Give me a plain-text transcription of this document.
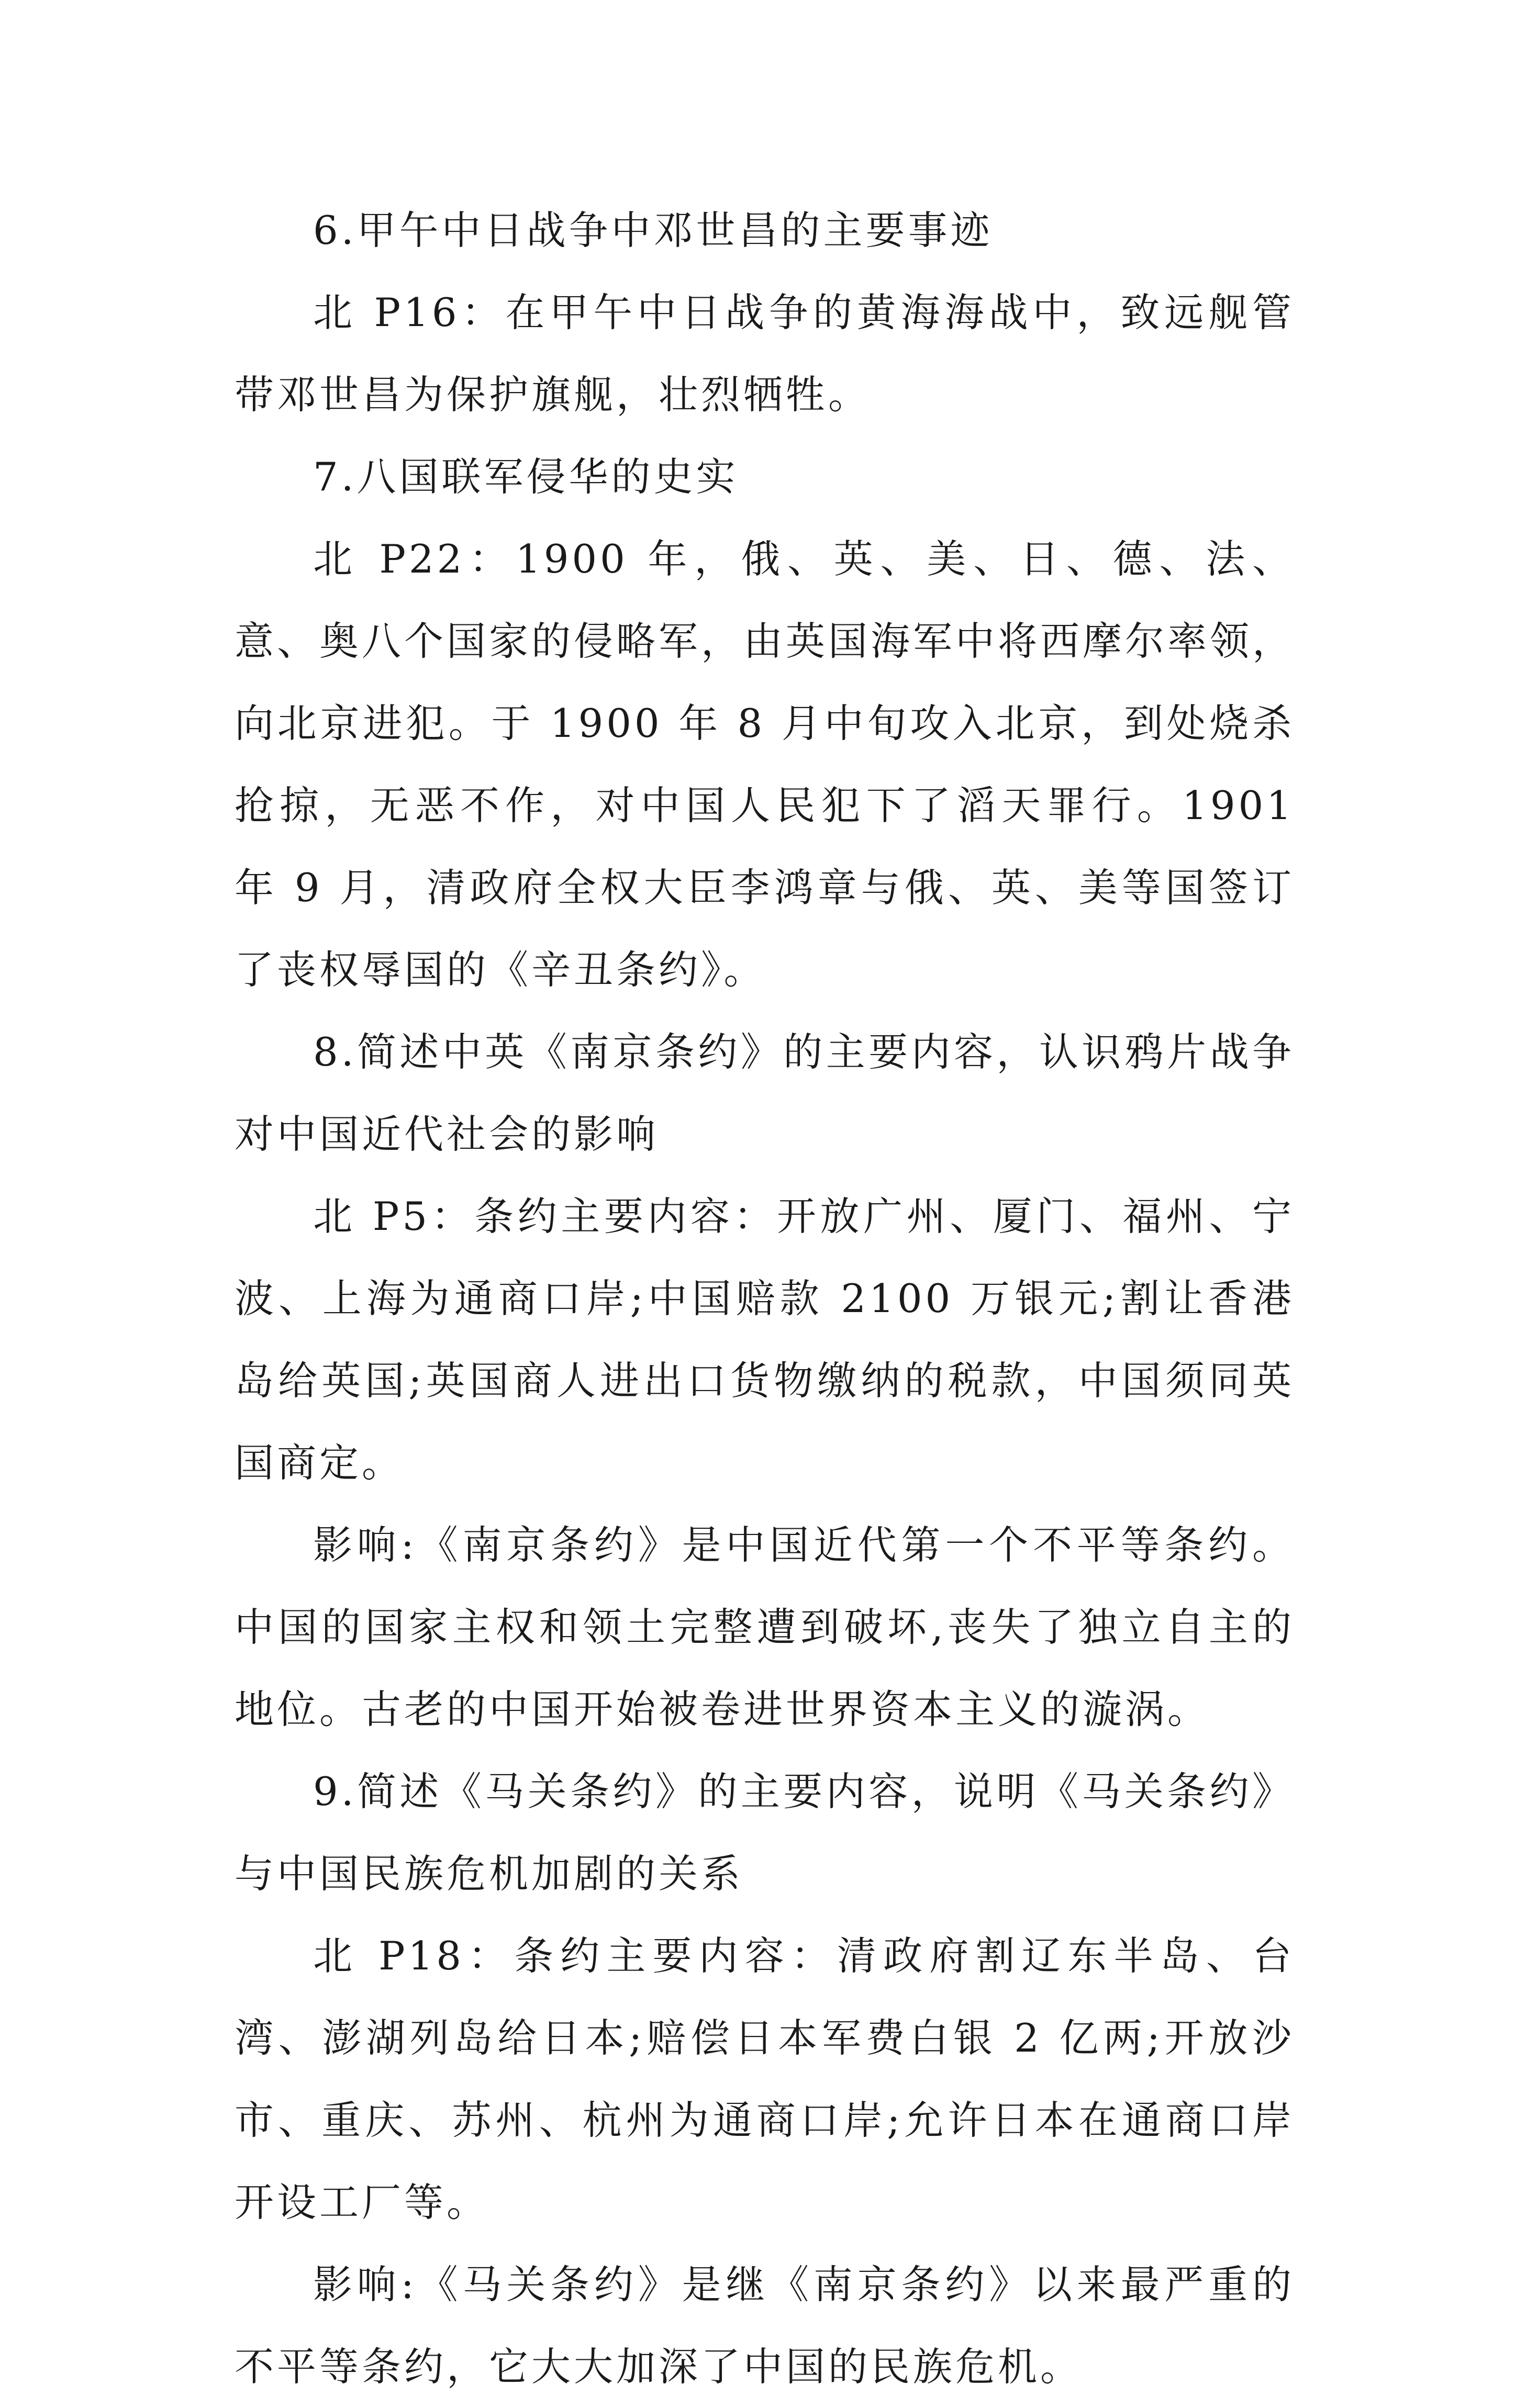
6.甲午中日战争中邓世昌的主要事迹

北 P16：在甲午中日战争的黄海海战中，致远舰管带邓世昌为保护旗舰，壮烈牺牲。

7.八国联军侵华的史实

北 P22：1900 年，俄、英、美、日、德、法、意、奥八个国家的侵略军，由英国海军中将西摩尔率领，向北京进犯。于 1900 年 8 月中旬攻入北京，到处烧杀抢掠，无恶不作，对中国人民犯下了滔天罪行。1901 年 9 月，清政府全权大臣李鸿章与俄、英、美等国签订了丧权辱国的《辛丑条约》。

8.简述中英《南京条约》的主要内容，认识鸦片战争对中国近代社会的影响

北 P5：条约主要内容：开放广州、厦门、福州、宁波、上海为通商口岸;中国赔款 2100 万银元;割让香港岛给英国;英国商人进出口货物缴纳的税款，中国须同英国商定。

影响:《南京条约》是中国近代第一个不平等条约。中国的国家主权和领土完整遭到破坏,丧失了独立自主的地位。古老的中国开始被卷进世界资本主义的漩涡。

9.简述《马关条约》的主要内容，说明《马关条约》与中国民族危机加剧的关系

北 P18：条约主要内容：清政府割辽东半岛、台湾、澎湖列岛给日本;赔偿日本军费白银 2 亿两;开放沙市、重庆、苏州、杭州为通商口岸;允许日本在通商口岸开设工厂等。

影响:《马关条约》是继《南京条约》以来最严重的不平等条约，它大大加深了中国的民族危机。
